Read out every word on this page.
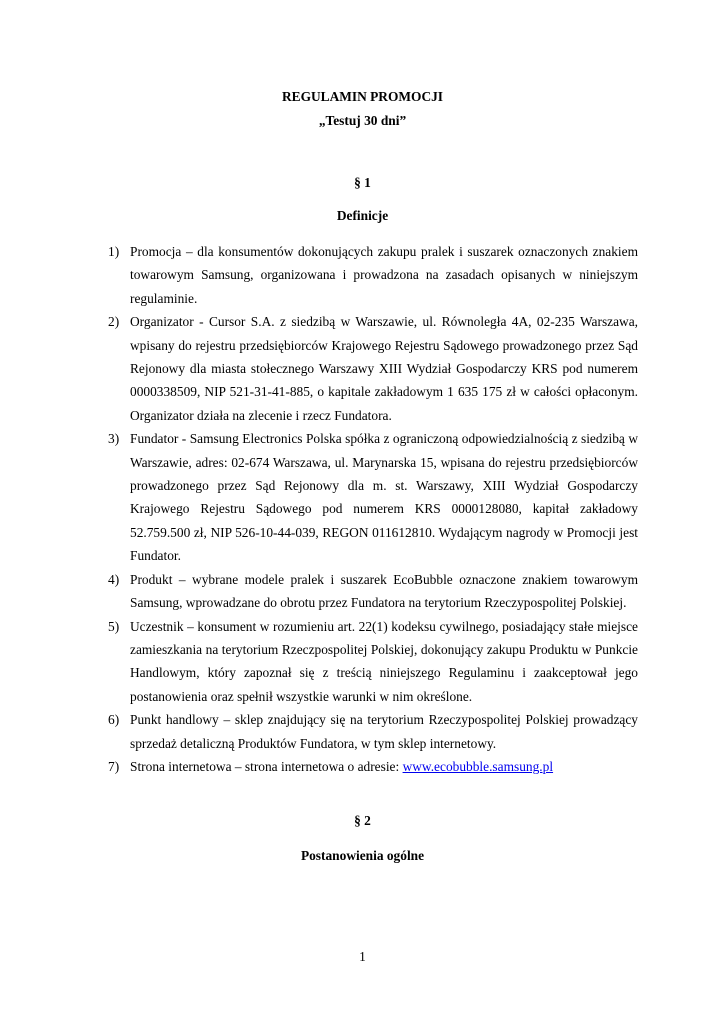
REGULAMIN PROMOCJI
„Testuj 30 dni”
§ 1
Definicje
1) Promocja – dla konsumentów dokonujących zakupu pralek i suszarek oznaczonych znakiem towarowym Samsung, organizowana i prowadzona na zasadach opisanych w niniejszym regulaminie.
2) Organizator - Cursor S.A. z siedzibą w Warszawie, ul. Równoległa 4A, 02-235 Warszawa, wpisany do rejestru przedsiębiorców Krajowego Rejestru Sądowego prowadzonego przez Sąd Rejonowy dla miasta stołecznego Warszawy XIII Wydział Gospodarczy KRS pod numerem 0000338509, NIP 521-31-41-885, o kapitale zakładowym 1 635 175 zł w całości opłaconym. Organizator działa na zlecenie i rzecz Fundatora.
3) Fundator - Samsung Electronics Polska spółka z ograniczoną odpowiedzialnością z siedzibą w Warszawie, adres: 02-674 Warszawa, ul. Marynarska 15, wpisana do rejestru przedsiębiorców prowadzonego przez Sąd Rejonowy dla m. st. Warszawy, XIII Wydział Gospodarczy Krajowego Rejestru Sądowego pod numerem KRS 0000128080, kapitał zakładowy 52.759.500 zł, NIP 526-10-44-039, REGON 011612810. Wydającym nagrody w Promocji jest Fundator.
4) Produkt – wybrane modele pralek i suszarek EcoBubble oznaczone znakiem towarowym Samsung, wprowadzane do obrotu przez Fundatora na terytorium Rzeczypospolitej Polskiej.
5) Uczestnik – konsument w rozumieniu art. 22(1) kodeksu cywilnego, posiadający stałe miejsce zamieszkania na terytorium Rzeczpospolitej Polskiej, dokonujący zakupu Produktu w Punkcie Handlowym, który zapoznał się z treścią niniejszego Regulaminu i zaakceptował jego postanowienia oraz spełnił wszystkie warunki w nim określone.
6) Punkt handlowy – sklep znajdujący się na terytorium Rzeczypospolitej Polskiej prowadzący sprzedaż detaliczną Produktów Fundatora, w tym sklep internetowy.
7) Strona internetowa – strona internetowa o adresie: www.ecobubble.samsung.pl
§ 2
Postanowienia ogólne
1
